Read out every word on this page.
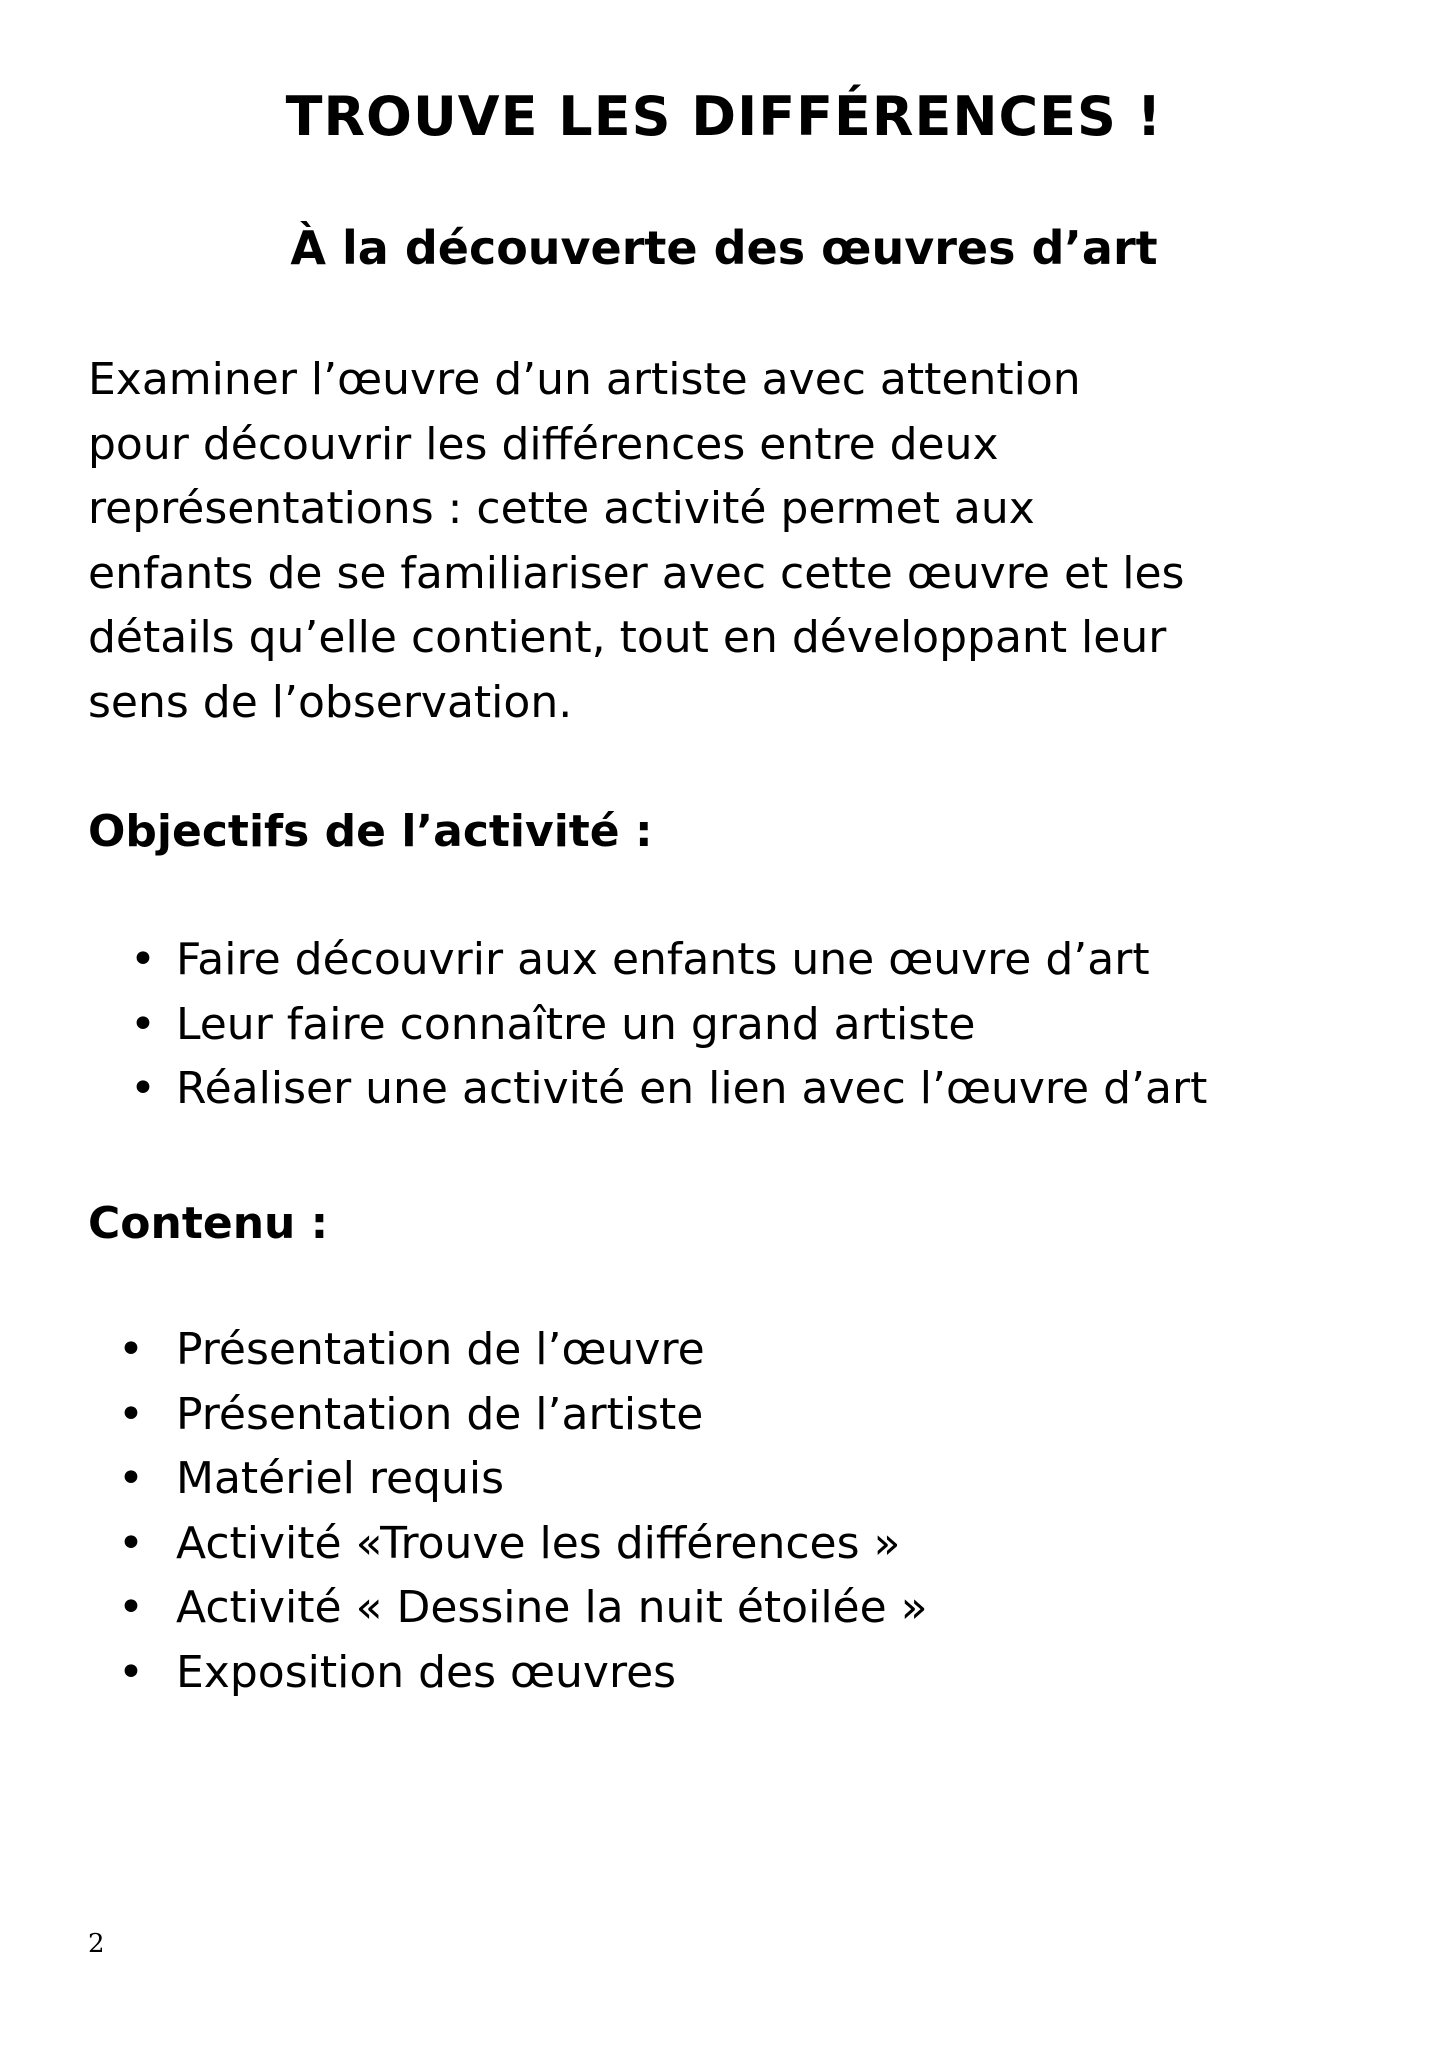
TROUVE LES DIFFÉRENCES !
À la découverte des œuvres d’art

Examiner l’œuvre d’un artiste avec attention
pour découvrir les différences entre deux
représentations : cette activité permet aux
enfants de se familiariser avec cette œuvre et les
détails qu’elle contient, tout en développant leur
sens de l’observation.

Objectifs de l’activité :
• Faire découvrir aux enfants une œuvre d’art
• Leur faire connaître un grand artiste
• Réaliser une activité en lien avec l’œuvre d’art
Contenu :
• Présentation de l’œuvre
• Présentation de l’artiste
• Matériel requis
• Activité «Trouve les différences »
• Activité « Dessine la nuit étoilée »
• Exposition des œuvres
2
